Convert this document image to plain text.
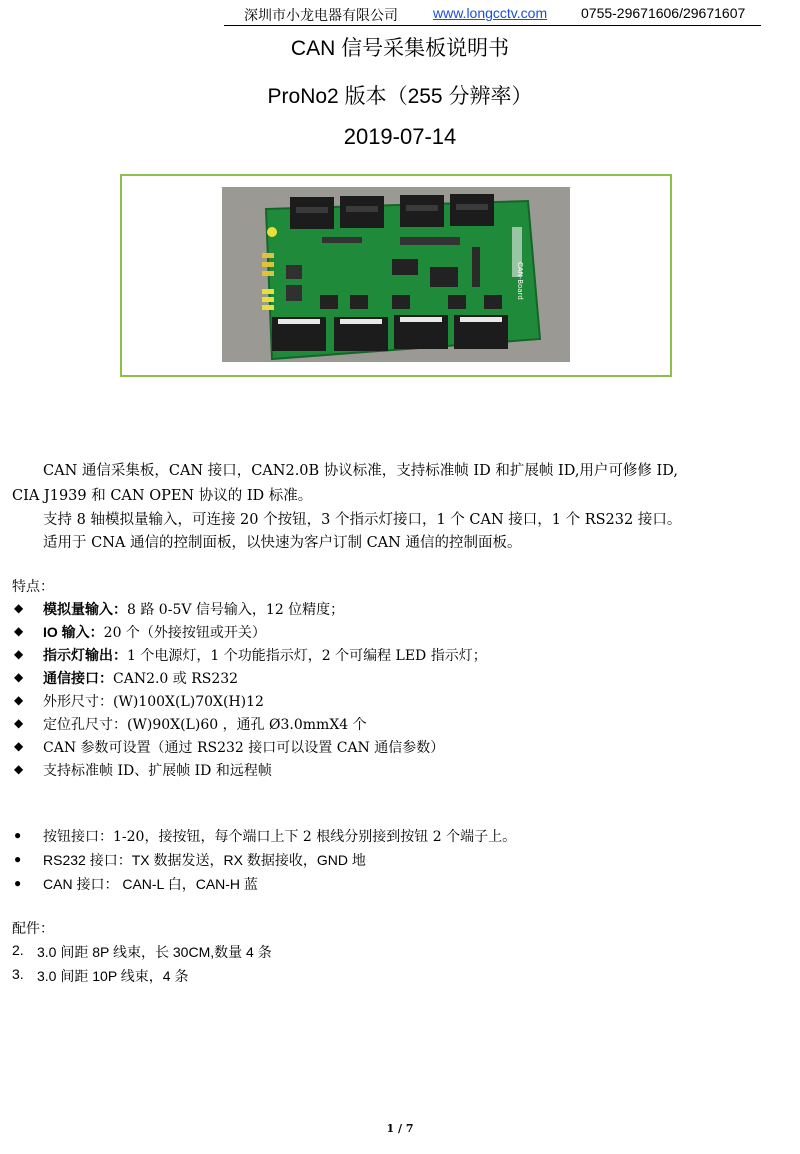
深圳市小龙电器有限公司	www.longcctv.com 0755-29671606/29671607
CAN 信号采集板说明书
ProNo2 版本（255 分辨率）
2019-07-14
CAN-Board
CAN 通信采集板，CAN 接口，CAN2.0B 协议标准，支持标准帧 ID 和扩展帧 ID,用户可修修 ID,
CIA J1939 和 CAN OPEN 协议的 ID 标准。
支持 8 轴模拟量输入，可连接 20 个按钮，3 个指示灯接口，1 个 CAN 接口，1 个 RS232 接口。
适用于 CNA 通信的控制面板，以快速为客户订制 CAN 通信的控制面板。
特点：
◆ 模拟量输入：8 路 0-5V 信号输入，12 位精度；
◆ IO 输入：20 个（外接按钮或开关）
◆ 指示灯输出：1 个电源灯，1 个功能指示灯，2 个可编程 LED 指示灯；
◆ 通信接口：CAN2.0 或 RS232
◆ 外形尺寸：(W)100X(L)70X(H)12
◆ 定位孔尺寸：(W)90X(L)60 ，通孔 Ø3.0mmX4 个
◆ CAN 参数可设置（通过 RS232 接口可以设置 CAN 通信参数）
◆ 支持标准帧 ID、扩展帧 ID 和远程帧
● 按钮接口：1-20，接按钮，每个端口上下 2 根线分别接到按钮 2 个端子上。
● RS232 接口：TX 数据发送，RX 数据接收，GND 地
● CAN 接口： CAN-L 白，CAN-H 蓝
配件：
2. 3.0 间距 8P 线束，长 30CM,数量 4 条
3. 3.0 间距 10P 线束，4 条
1 / 7
